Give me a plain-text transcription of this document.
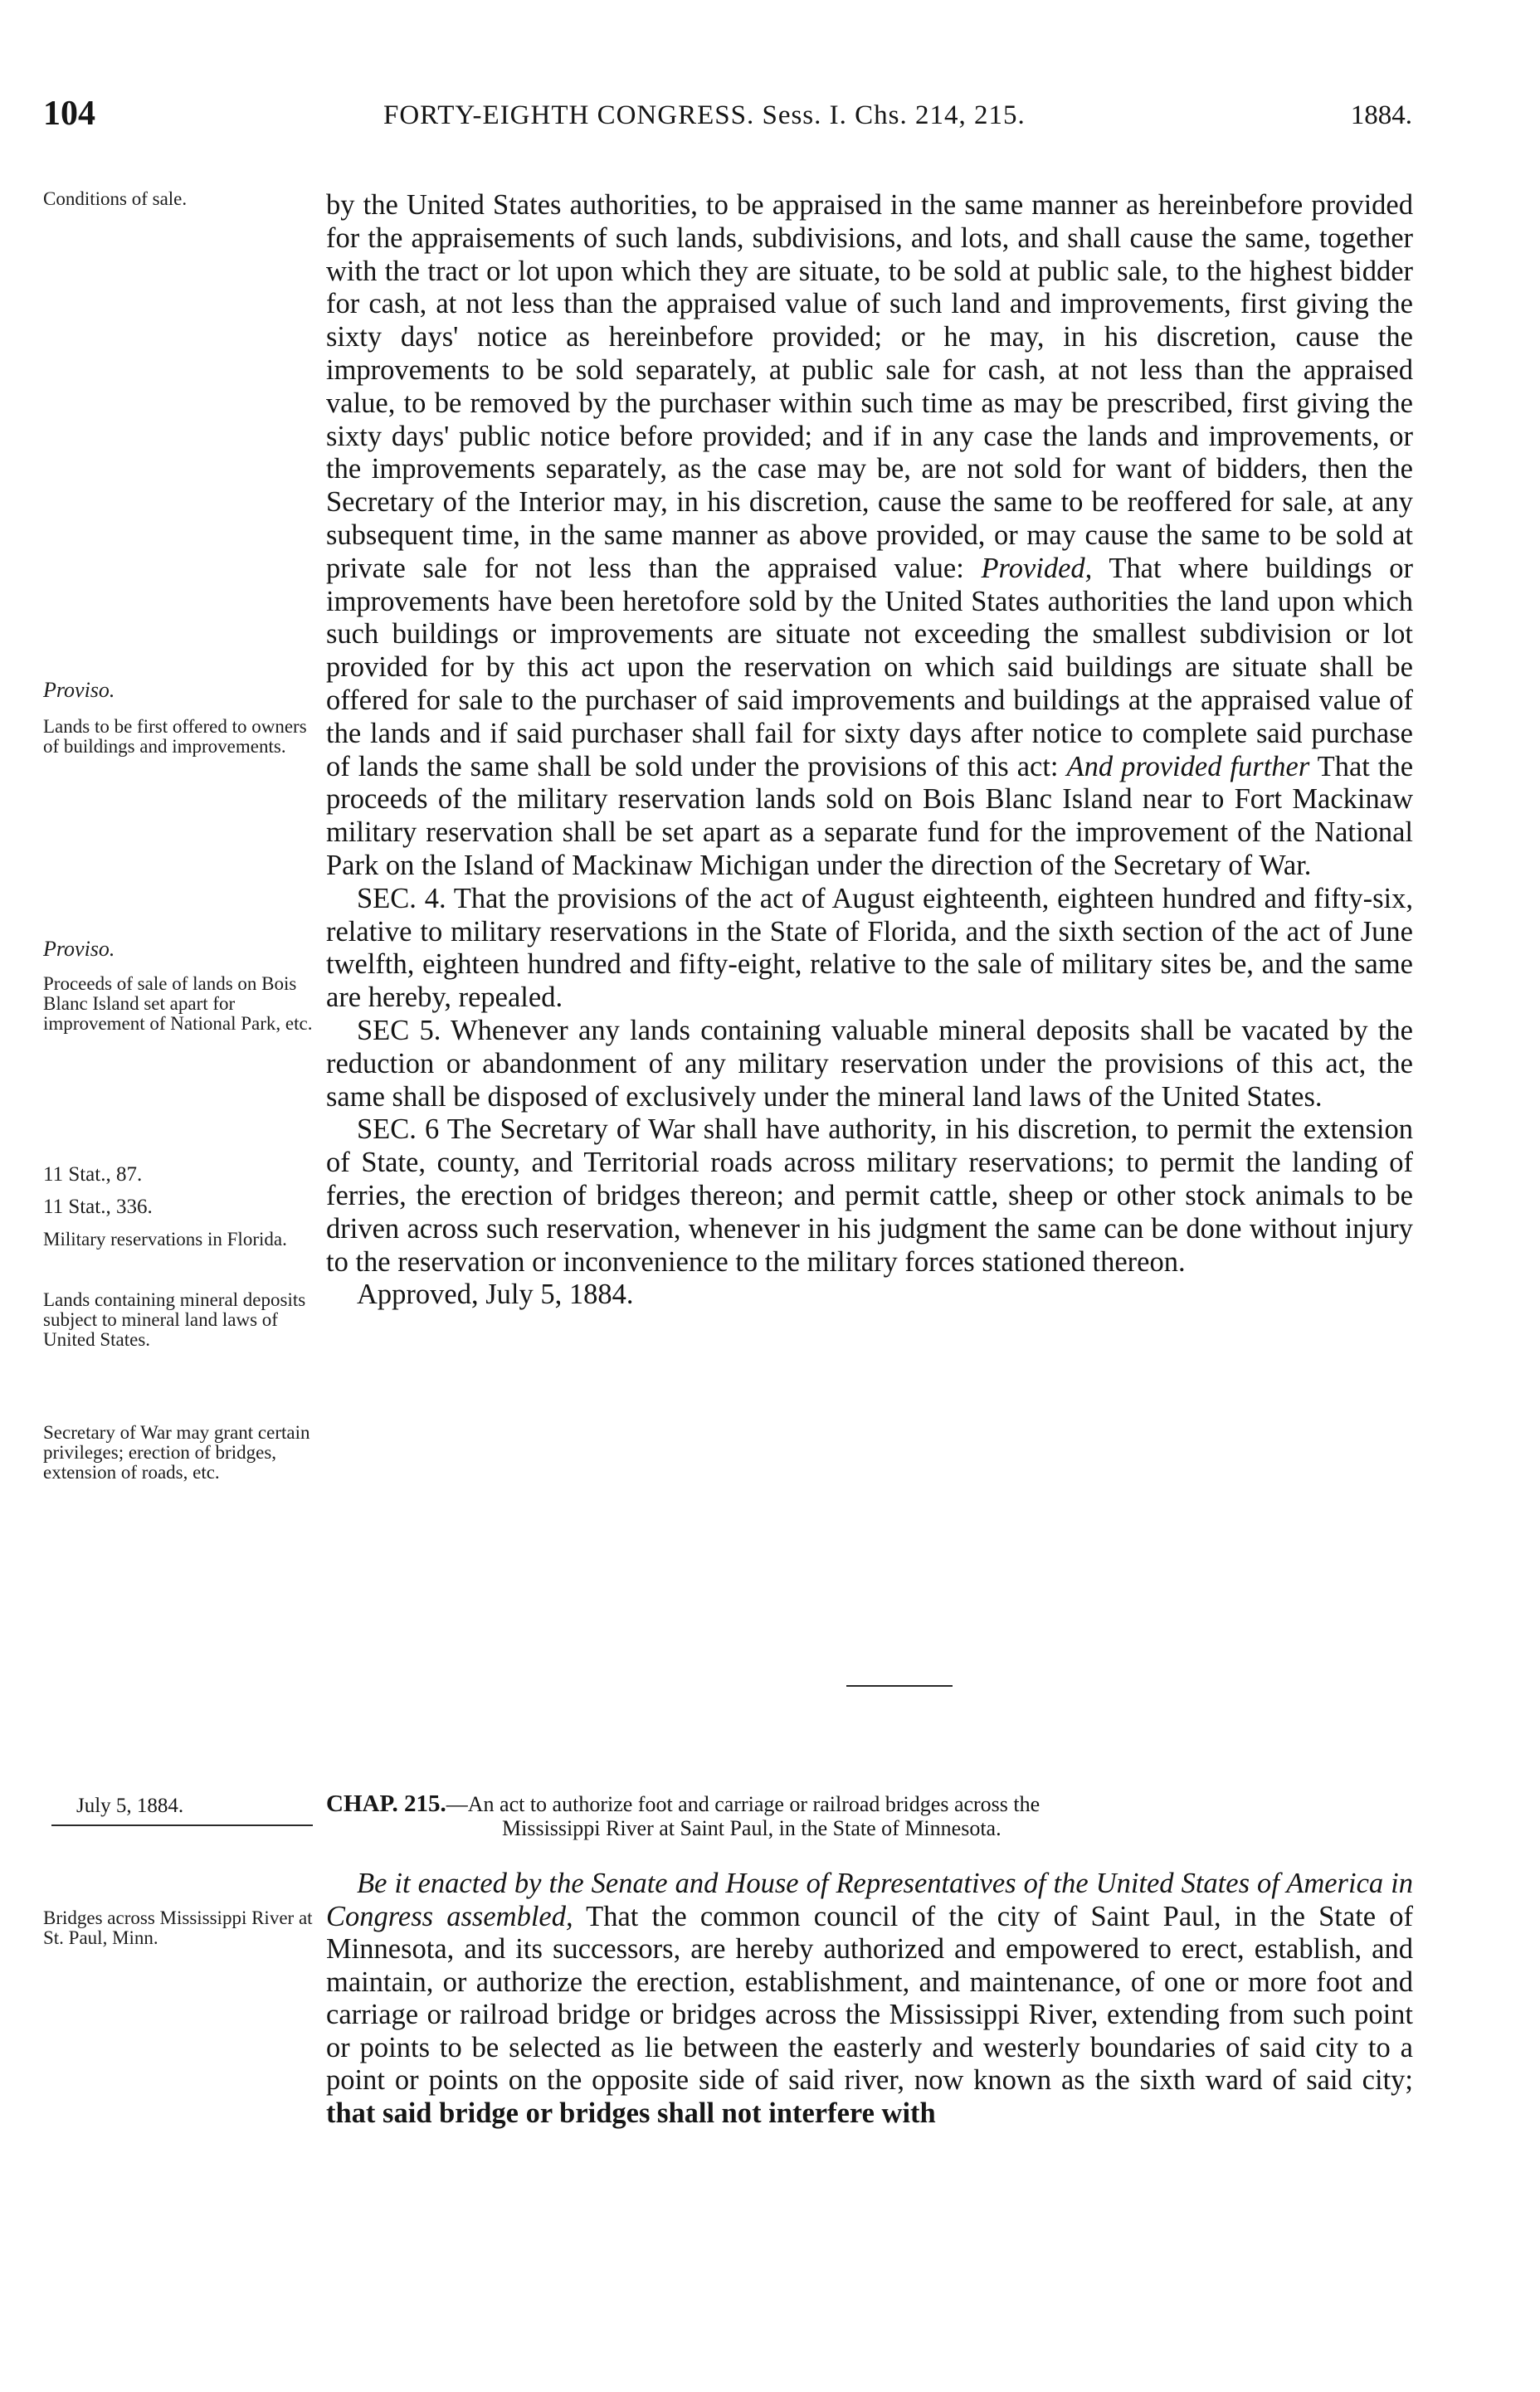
104	FORTY-EIGHTH CONGRESS. Sess. I. Chs. 214, 215.	1884.
Conditions of sale.
Proviso.
Lands to be first offered to owners of buildings and improvements.
Proviso.
Proceeds of sale of lands on Bois Blanc Island set apart for improvement of National Park, etc.
11 Stat., 87.
11 Stat., 336.
Military reservations in Florida.
Lands containing mineral deposits subject to mineral land laws of United States.
Secretary of War may grant certain privileges; erection of bridges, extension of roads, etc.
Bridges across Mississippi River at St. Paul, Minn.

by the United States authorities, to be appraised in the same manner as hereinbefore provided for the appraisements of such lands, subdivisions, and lots, and shall cause the same, together with the tract or lot upon which they are situate, to be sold at public sale, to the highest bidder for cash, at not less than the appraised value of such land and improvements, first giving the sixty days' notice as hereinbefore provided; or he may, in his discretion, cause the improvements to be sold separately, at public sale for cash, at not less than the appraised value, to be removed by the purchaser within such time as may be prescribed, first giving the sixty days' public notice before provided; and if in any case the lands and improvements, or the improvements separately, as the case may be, are not sold for want of bidders, then the Secretary of the Interior may, in his discretion, cause the same to be reoffered for sale, at any subsequent time, in the same manner as above provided, or may cause the same to be sold at private sale for not less than the appraised value: Provided, That where buildings or improvements have been heretofore sold by the United States authorities the land upon which such buildings or improvements are situate not exceeding the smallest subdivision or lot provided for by this act upon the reservation on which said buildings are situate shall be offered for sale to the purchaser of said improvements and buildings at the appraised value of the lands and if said purchaser shall fail for sixty days after notice to complete said purchase of lands the same shall be sold under the provisions of this act: And provided further That the proceeds of the military reservation lands sold on Bois Blanc Island near to Fort Mackinaw military reservation shall be set apart as a separate fund for the improvement of the National Park on the Island of Mackinaw Michigan under the direction of the Secretary of War.

SEC. 4. That the provisions of the act of August eighteenth, eighteen hundred and fifty-six, relative to military reservations in the State of Florida, and the sixth section of the act of June twelfth, eighteen hundred and fifty-eight, relative to the sale of military sites be, and the same are hereby, repealed.

SEC 5. Whenever any lands containing valuable mineral deposits shall be vacated by the reduction or abandonment of any military reservation under the provisions of this act, the same shall be disposed of exclusively under the mineral land laws of the United States.

SEC. 6 The Secretary of War shall have authority, in his discretion, to permit the extension of State, county, and Territorial roads across military reservations; to permit the landing of ferries, the erection of bridges thereon; and permit cattle, sheep or other stock animals to be driven across such reservation, whenever in his judgment the same can be done without injury to the reservation or inconvenience to the military forces stationed thereon.

Approved, July 5, 1884.

July 5, 1884.	CHAP. 215.—An act to authorize foot and carriage or railroad bridges across the
Mississippi River at Saint Paul, in the State of Minnesota.

Be it enacted by the Senate and House of Representatives of the United States of America in Congress assembled, That the common council of the city of Saint Paul, in the State of Minnesota, and its successors, are hereby authorized and empowered to erect, establish, and maintain, or authorize the erection, establishment, and maintenance, of one or more foot and carriage or railroad bridge or bridges across the Mississippi River, extending from such point or points to be selected as lie between the easterly and westerly boundaries of said city to a point or points on the opposite side of said river, now known as the sixth ward of said city; that said bridge or bridges shall not interfere with
